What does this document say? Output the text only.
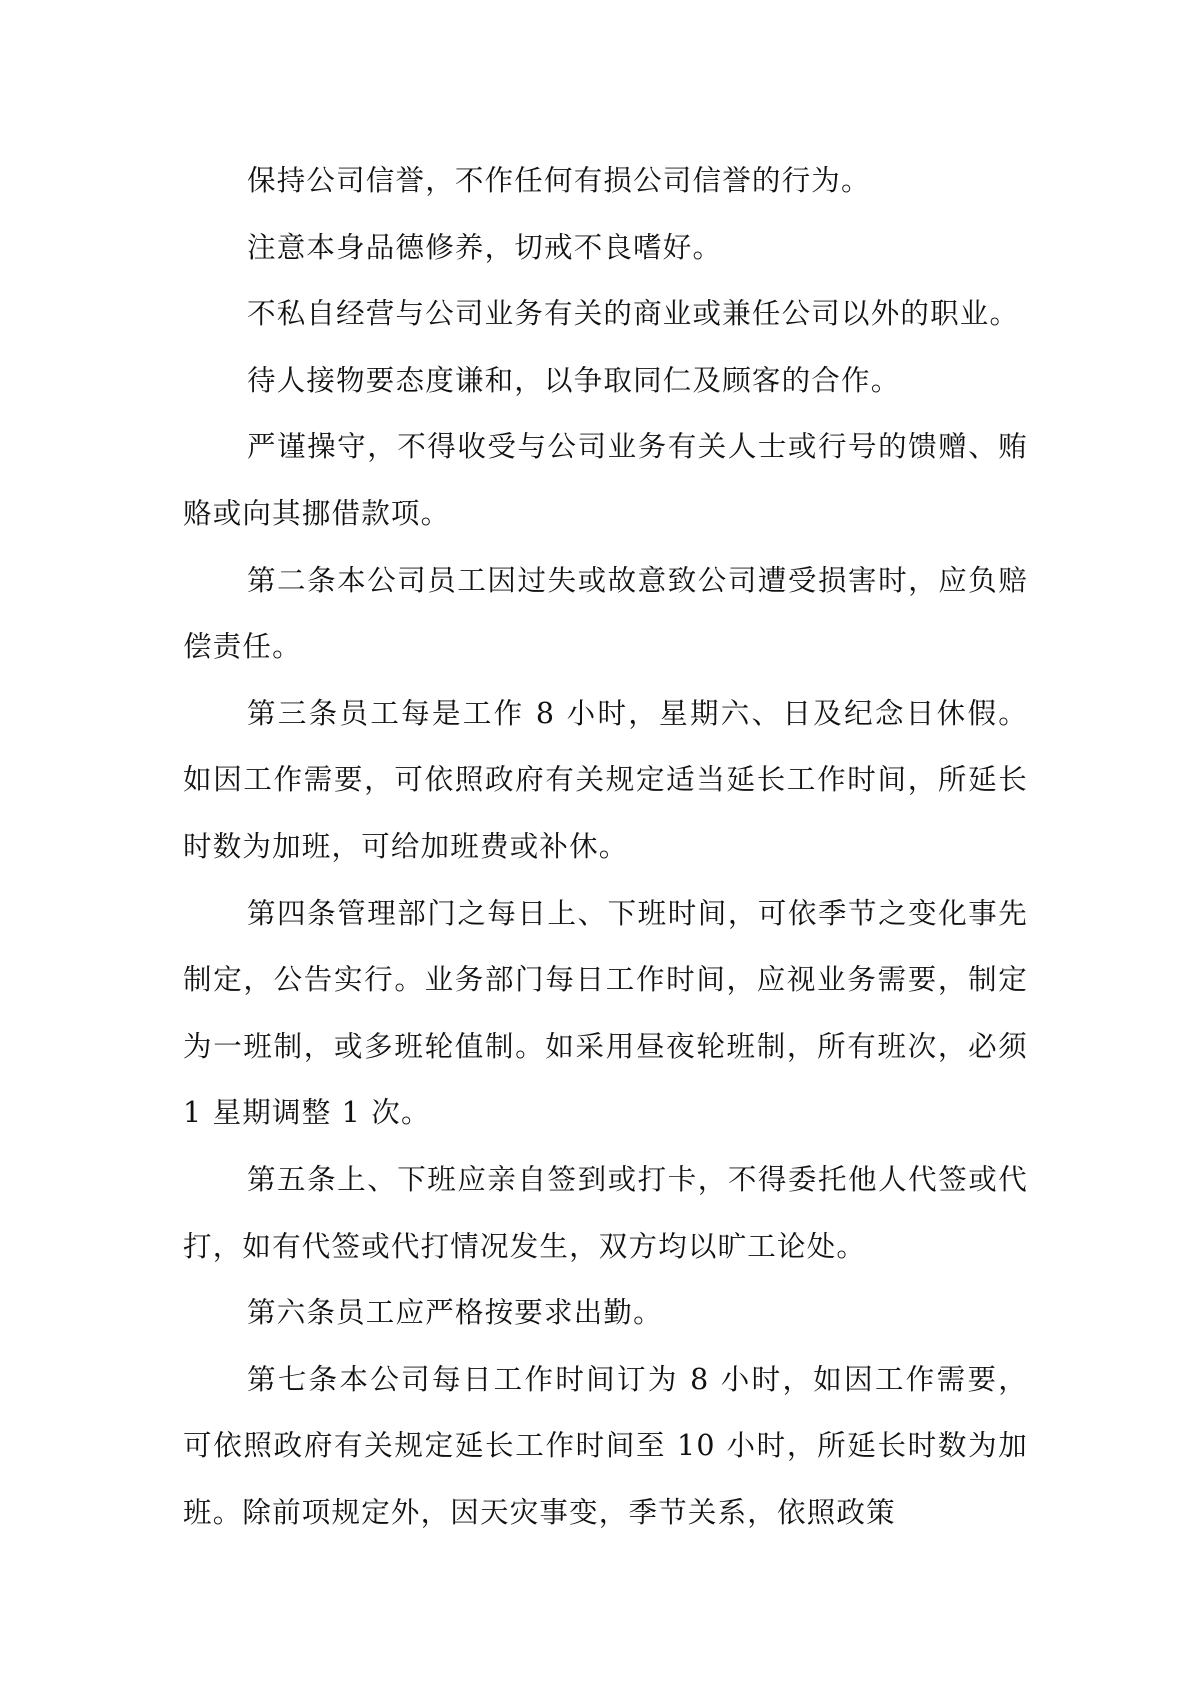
保持公司信誉，不作任何有损公司信誉的行为。

注意本身品德修养，切戒不良嗜好。

不私自经营与公司业务有关的商业或兼任公司以外的职业。

待人接物要态度谦和，以争取同仁及顾客的合作。

严谨操守，不得收受与公司业务有关人士或行号的馈赠、贿赂或向其挪借款项。

第二条本公司员工因过失或故意致公司遭受损害时，应负赔偿责任。

第三条员工每是工作 8 小时，星期六、日及纪念日休假。如因工作需要，可依照政府有关规定适当延长工作时间，所延长时数为加班，可给加班费或补休。

第四条管理部门之每日上、下班时间，可依季节之变化事先制定，公告实行。业务部门每日工作时间，应视业务需要，制定为一班制，或多班轮值制。如采用昼夜轮班制，所有班次，必须 1 星期调整 1 次。

第五条上、下班应亲自签到或打卡，不得委托他人代签或代打，如有代签或代打情况发生，双方均以旷工论处。

第六条员工应严格按要求出勤。

第七条本公司每日工作时间订为 8 小时，如因工作需要，可依照政府有关规定延长工作时间至 10 小时，所延长时数为加班。除前项规定外，因天灾事变，季节关系，依照政策
